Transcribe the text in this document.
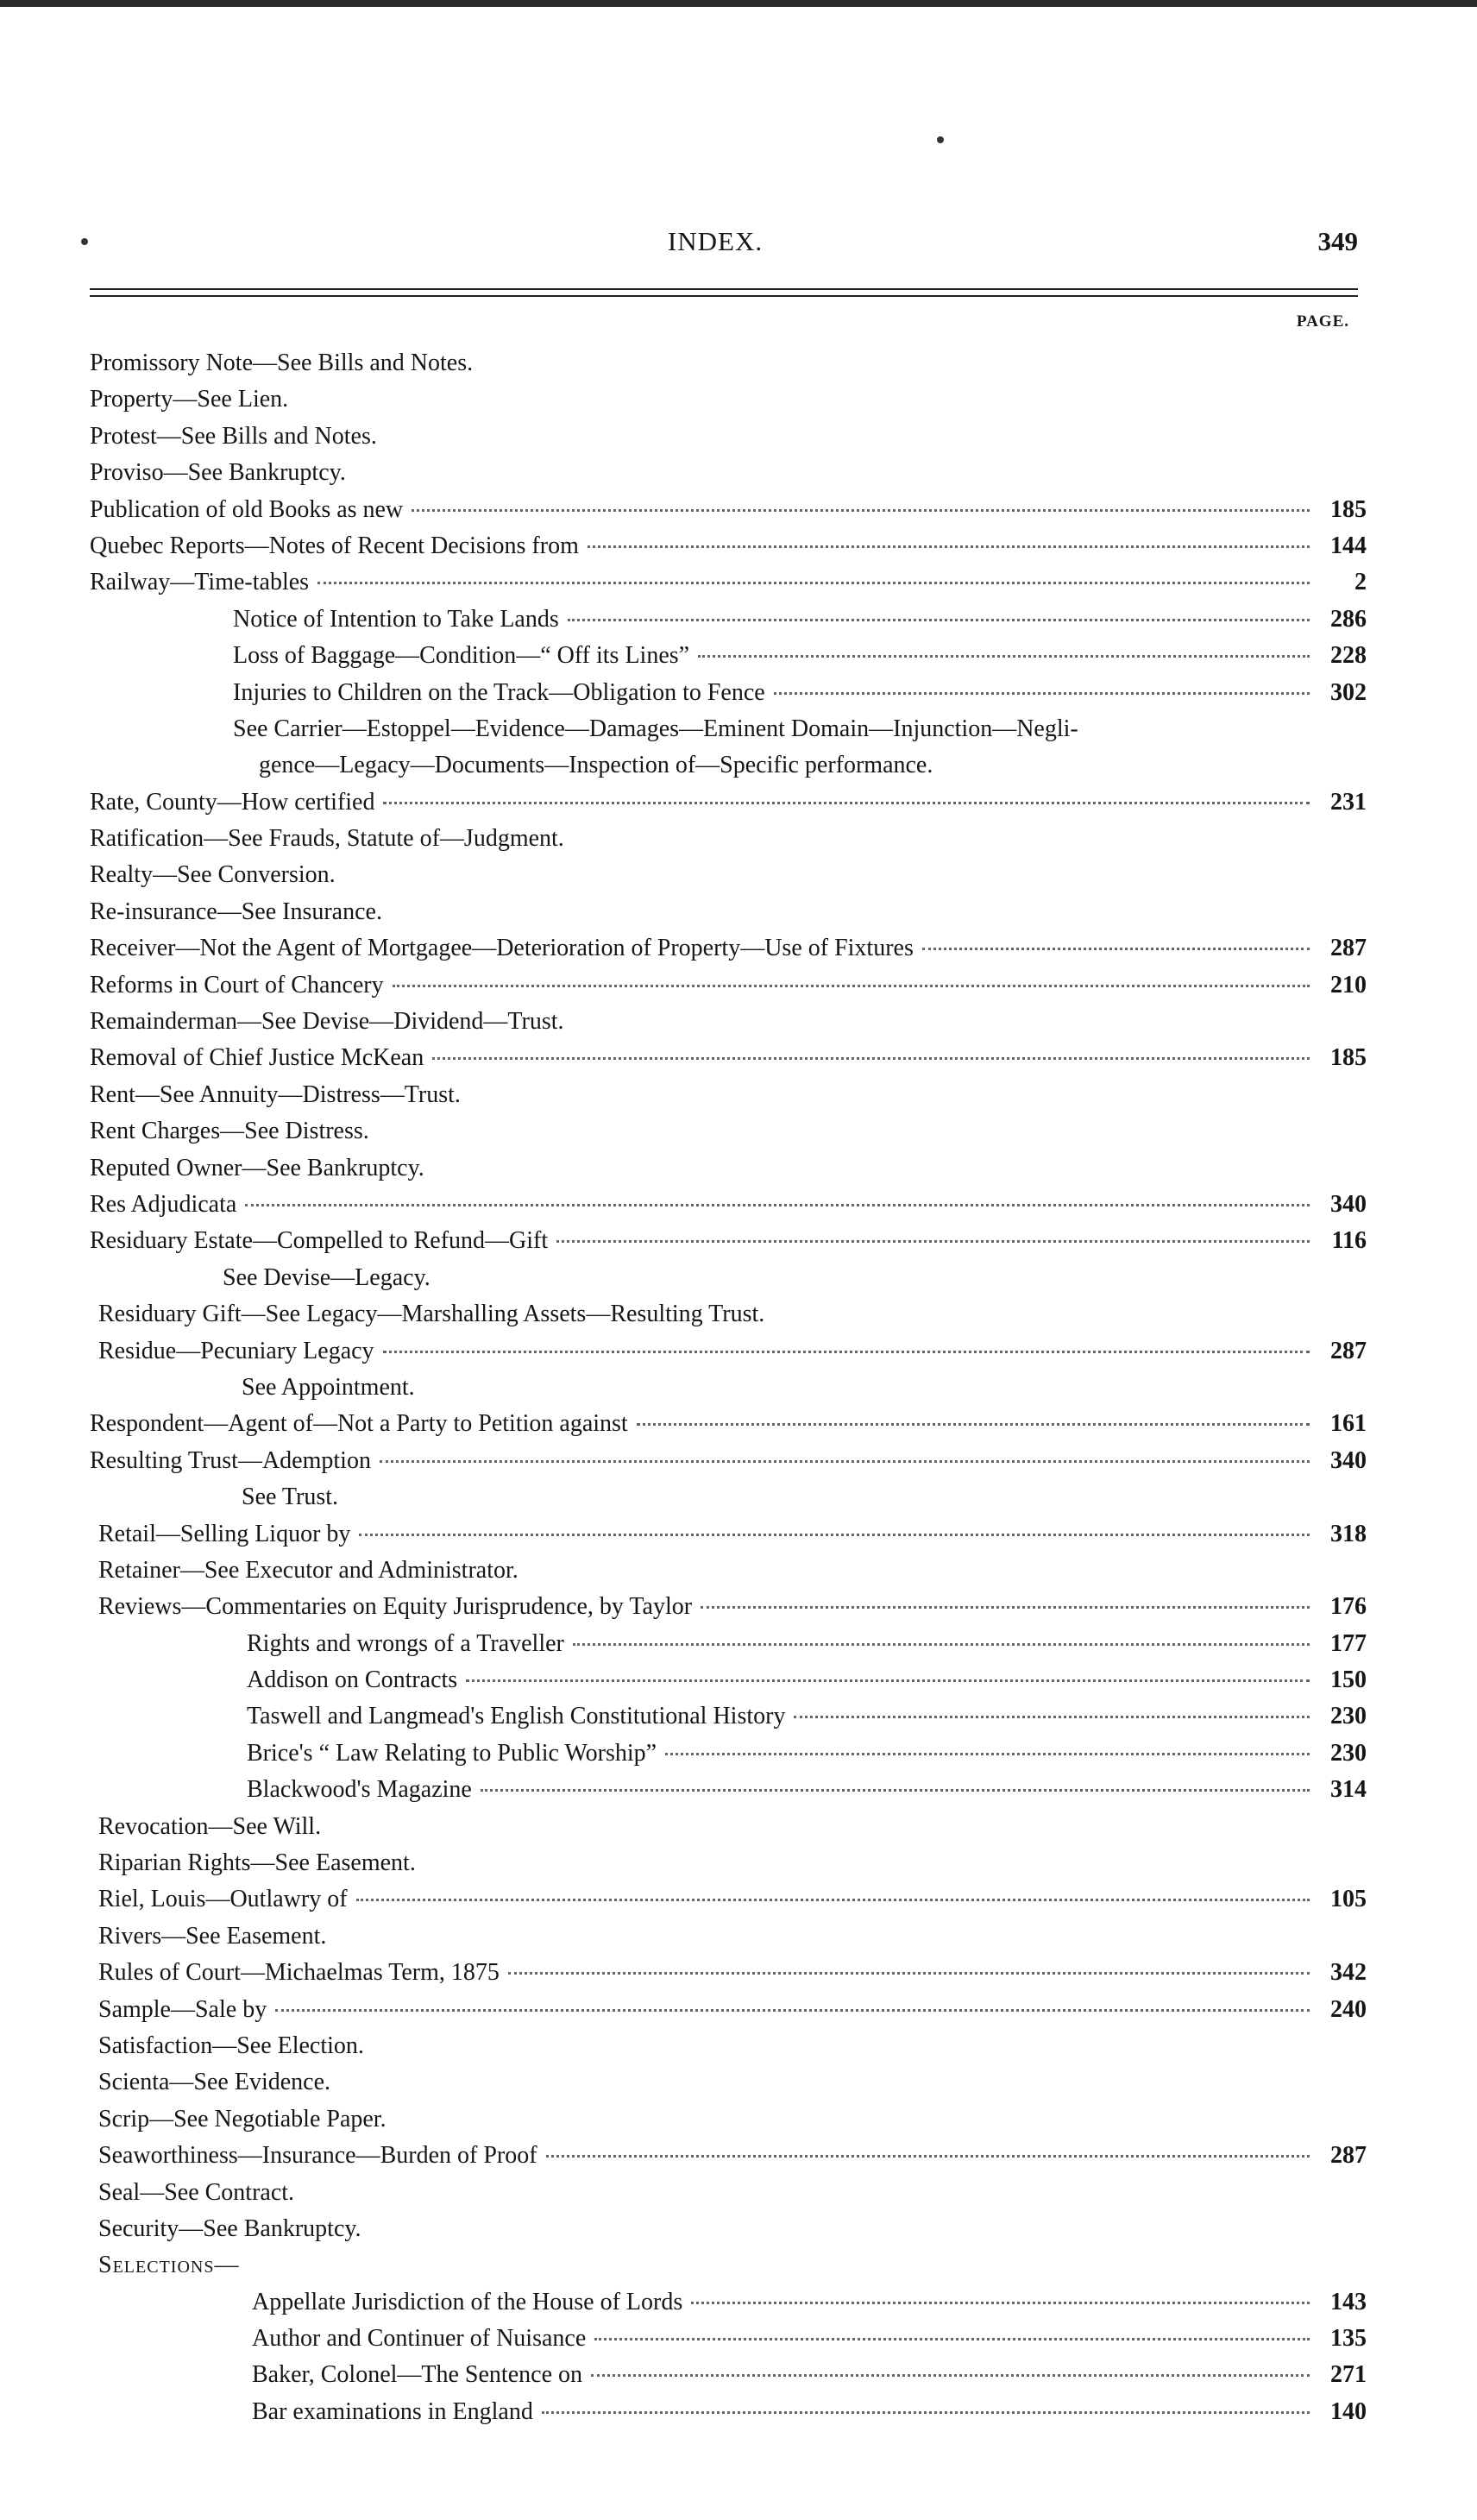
INDEX.	349
PAGE.
Promissory Note—See Bills and Notes.
Property—See Lien.
Protest—See Bills and Notes.
Proviso—See Bankruptcy.
Publication of old Books as new	185
Quebec Reports—Notes of Recent Decisions from	144
Railway—Time-tables	2
Notice of Intention to Take Lands	286
Loss of Baggage—Condition—“ Off its Lines”	228
Injuries to Children on the Track—Obligation to Fence	302
See Carrier—Estoppel—Evidence—Damages—Eminent Domain—Injunction—Negli-
gence—Legacy—Documents—Inspection of—Specific performance.
Rate, County—How certified	231
Ratification—See Frauds, Statute of—Judgment.
Realty—See Conversion.
Re-insurance—See Insurance.
Receiver—Not the Agent of Mortgagee—Deterioration of Property—Use of Fixtures	287
Reforms in Court of Chancery	210
Remainderman—See Devise—Dividend—Trust.
Removal of Chief Justice McKean	185
Rent—See Annuity—Distress—Trust.
Rent Charges—See Distress.
Reputed Owner—See Bankruptcy.
Res Adjudicata	340
Residuary Estate—Compelled to Refund—Gift	116
See Devise—Legacy.
Residuary Gift—See Legacy—Marshalling Assets—Resulting Trust.
Residue—Pecuniary Legacy	287
See Appointment.
Respondent—Agent of—Not a Party to Petition against	161
Resulting Trust—Ademption	340
See Trust.
Retail—Selling Liquor by	318
Retainer—See Executor and Administrator.
Reviews—Commentaries on Equity Jurisprudence, by Taylor	176
Rights and wrongs of a Traveller	177
Addison on Contracts	150
Taswell and Langmead's English Constitutional History	230
Brice's “ Law Relating to Public Worship”	230
Blackwood's Magazine	314
Revocation—See Will.
Riparian Rights—See Easement.
Riel, Louis—Outlawry of	105
Rivers—See Easement.
Rules of Court—Michaelmas Term, 1875	342
Sample—Sale by	240
Satisfaction—See Election.
Scienta—See Evidence.
Scrip—See Negotiable Paper.
Seaworthiness—Insurance—Burden of Proof	287
Seal—See Contract.
Security—See Bankruptcy.
Selections—
Appellate Jurisdiction of the House of Lords	143
Author and Continuer of Nuisance	135
Baker, Colonel—The Sentence on	271
Bar examinations in England	140
